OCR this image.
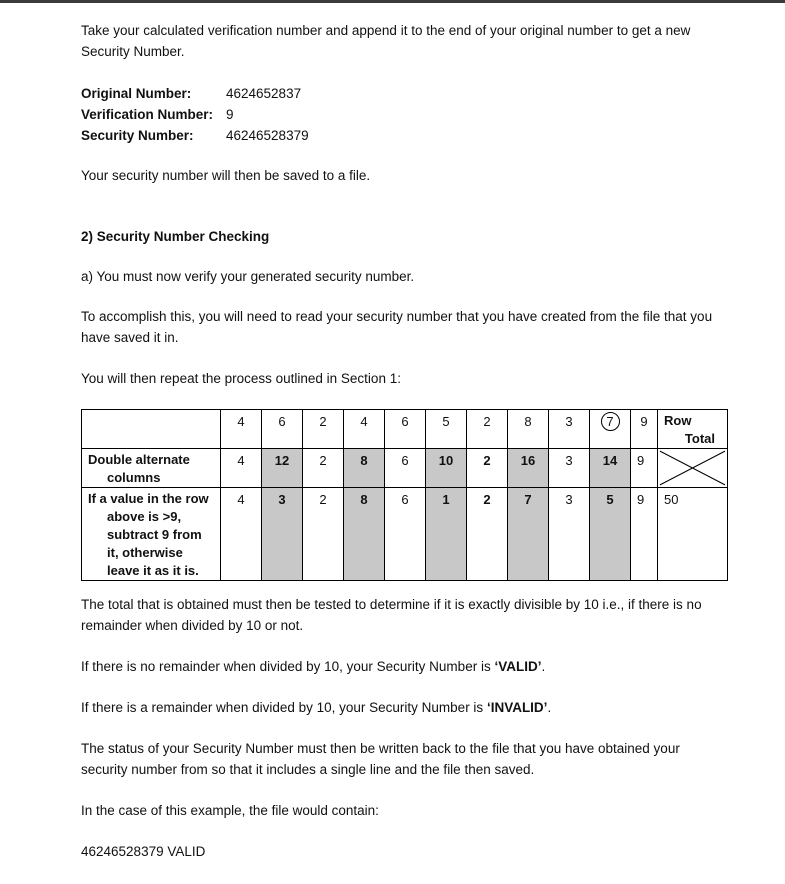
Take your calculated verification number and append it to the end of your original number to get a new
Security Number.

Original Number:	4624652837
Verification Number: 9
Security Number: 46246528379

Your security number will then be saved to a file.

2) Security Number Checking

a) You must now verify your generated security number.

To accomplish this, you will need to read your security number that you have created from the file that you
have saved it in.

You will then repeat the process outlined in Section 1:

	4	6	2	4	6	5	2	8	3	7	9	Row
Total

Double alternate
columns	4	12	2	8	6	10	2	16	3	14	9	

If a value in the row
above is >9,
subtract 9 from
it, otherwise
leave it as it is.	4	3	2	8	6	1	2	7	3	5	9	50

The total that is obtained must then be tested to determine if it is exactly divisible by 10 i.e., if there is no
remainder when divided by 10 or not.

If there is no remainder when divided by 10, your Security Number is ‘VALID’.

If there is a remainder when divided by 10, your Security Number is ‘INVALID’.

The status of your Security Number must then be written back to the file that you have obtained your
security number from so that it includes a single line and the file then saved.

In the case of this example, the file would contain:

46246528379 VALID
